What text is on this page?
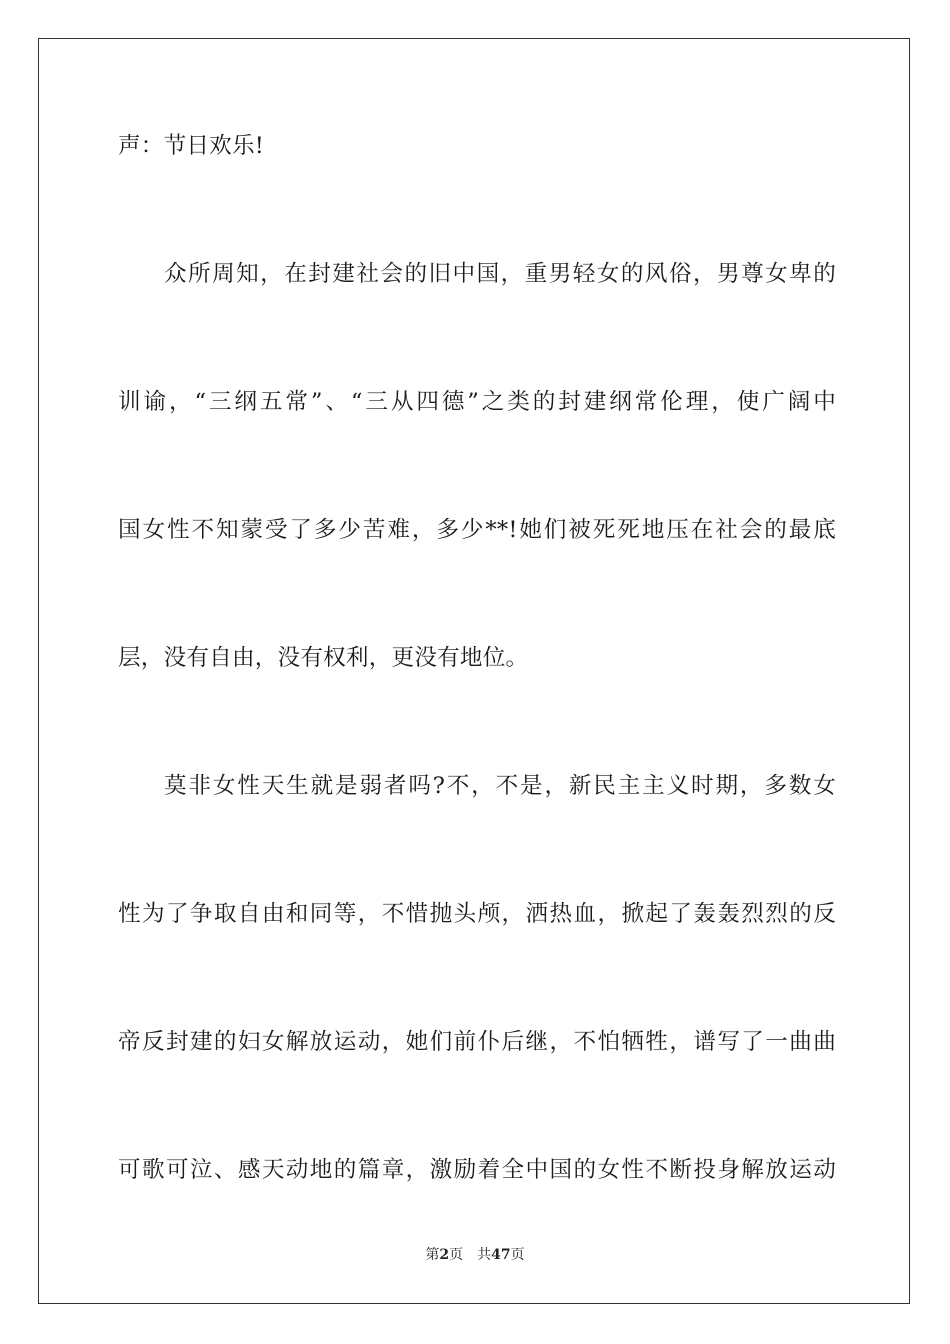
声：节日欢乐!
众所周知，在封建社会的旧中国，重男轻女的风俗，男尊女卑的
训谕，“三纲五常”、“三从四德”之类的封建纲常伦理，使广阔中
国女性不知蒙受了多少苦难，多少**!她们被死死地压在社会的最底
层，没有自由，没有权利，更没有地位。
莫非女性天生就是弱者吗?不，不是，新民主主义时期，多数女
性为了争取自由和同等，不惜抛头颅，洒热血，掀起了轰轰烈烈的反
帝反封建的妇女解放运动，她们前仆后继，不怕牺牲，谱写了一曲曲
可歌可泣、感天动地的篇章，激励着全中国的女性不断投身解放运动
第2页 共47页
